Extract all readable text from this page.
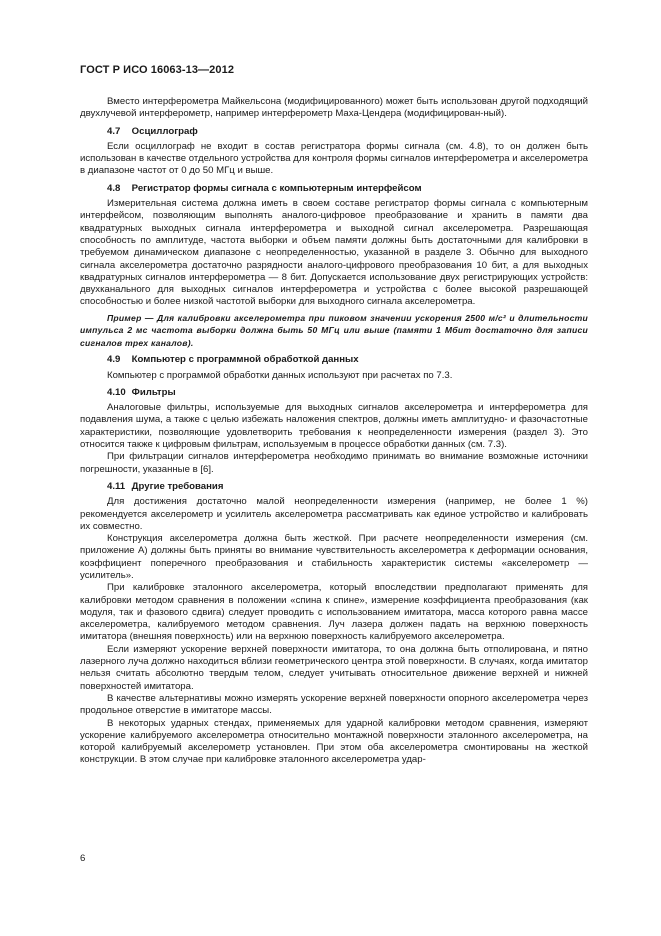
ГОСТ Р ИСО 16063-13—2012

Вместо интерферометра Майкельсона (модифицированного) может быть использован другой подходящий двухлучевой интерферометр, например интерферометр Маха-Цендера (модифицирован-ный).

4.7 Осциллограф

Если осциллограф не входит в состав регистратора формы сигнала (см. 4.8), то он должен быть использован в качестве отдельного устройства для контроля формы сигналов интерферометра и акселерометра в диапазоне частот от 0 до 50 МГц и выше.

4.8 Регистратор формы сигнала с компьютерным интерфейсом

Измерительная система должна иметь в своем составе регистратор формы сигнала с компьютерным интерфейсом, позволяющим выполнять аналого-цифровое преобразование и хранить в памяти два квадратурных выходных сигнала интерферометра и выходной сигнал акселерометра. Разрешающая способность по амплитуде, частота выборки и объем памяти должны быть достаточными для калибровки в требуемом динамическом диапазоне с неопределенностью, указанной в разделе 3. Обычно для выходного сигнала акселерометра достаточно разрядности аналого-цифрового преобразования 10 бит, а для выходных квадратурных сигналов интерферометра — 8 бит. Допускается использование двух регистрирующих устройств: двухканального для выходных сигналов интерферометра и устройства с более высокой разрешающей способностью и более низкой частотой выборки для выходного сигнала акселерометра.

Пример — Для калибровки акселерометра при пиковом значении ускорения 2500 м/с² и длительности импульса 2 мс частота выборки должна быть 50 МГц или выше (памяти 1 Мбит достаточно для записи сигналов трех каналов).

4.9 Компьютер с программной обработкой данных

Компьютер с программой обработки данных используют при расчетах по 7.3.

4.10 Фильтры

Аналоговые фильтры, используемые для выходных сигналов акселерометра и интерферометра для подавления шума, а также с целью избежать наложения спектров, должны иметь амплитудно- и фазочастотные характеристики, позволяющие удовлетворить требования к неопределенности измерения (раздел 3). Это относится также к цифровым фильтрам, используемым в процессе обработки данных (см. 7.3).

При фильтрации сигналов интерферометра необходимо принимать во внимание возможные источники погрешности, указанные в [6].

4.11 Другие требования

Для достижения достаточно малой неопределенности измерения (например, не более 1 %) рекомендуется акселерометр и усилитель акселерометра рассматривать как единое устройство и калибровать их совместно.

Конструкция акселерометра должна быть жесткой. При расчете неопределенности измерения (см. приложение А) должны быть приняты во внимание чувствительность акселерометра к деформации основания, коэффициент поперечного преобразования и стабильность характеристик системы «акселерометр — усилитель».

При калибровке эталонного акселерометра, который впоследствии предполагают применять для калибровки методом сравнения в положении «спина к спине», измерение коэффициента преобразования (как модуля, так и фазового сдвига) следует проводить с использованием имитатора, масса которого равна массе акселерометра, калибруемого методом сравнения. Луч лазера должен падать на верхнюю поверхность имитатора (внешняя поверхность) или на верхнюю поверхность калибруемого акселерометра.

Если измеряют ускорение верхней поверхности имитатора, то она должна быть отполирована, и пятно лазерного луча должно находиться вблизи геометрического центра этой поверхности. В случаях, когда имитатор нельзя считать абсолютно твердым телом, следует учитывать относительное движение верхней и нижней поверхностей имитатора.

В качестве альтернативы можно измерять ускорение верхней поверхности опорного акселерометра через продольное отверстие в имитаторе массы.

В некоторых ударных стендах, применяемых для ударной калибровки методом сравнения, измеряют ускорение калибруемого акселерометра относительно монтажной поверхности эталонного акселерометра, на которой калибруемый акселерометр установлен. При этом оба акселерометра смонтированы на жесткой конструкции. В этом случае при калибровке эталонного акселерометра удар-

6
